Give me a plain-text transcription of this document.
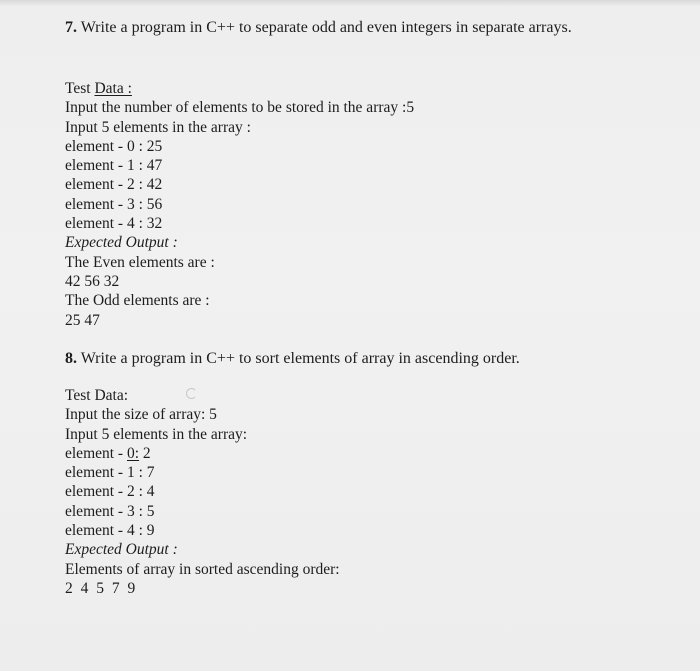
7. Write a program in C++ to separate odd and even integers in separate arrays.
Test Data :
Input the number of elements to be stored in the array :5
Input 5 elements in the array :
element - 0 : 25
element - 1 : 47
element - 2 : 42
element - 3 : 56
element - 4 : 32
Expected Output :
The Even elements are :
42 56 32
The Odd elements are :
25 47
8. Write a program in C++ to sort elements of array in ascending order.
Test Data:
Input the size of array: 5
Input 5 elements in the array:
element - 0: 2
element - 1 : 7
element - 2 : 4
element - 3 : 5
element - 4 : 9
Expected Output :
Elements of array in sorted ascending order:
2 4 5 7 9
